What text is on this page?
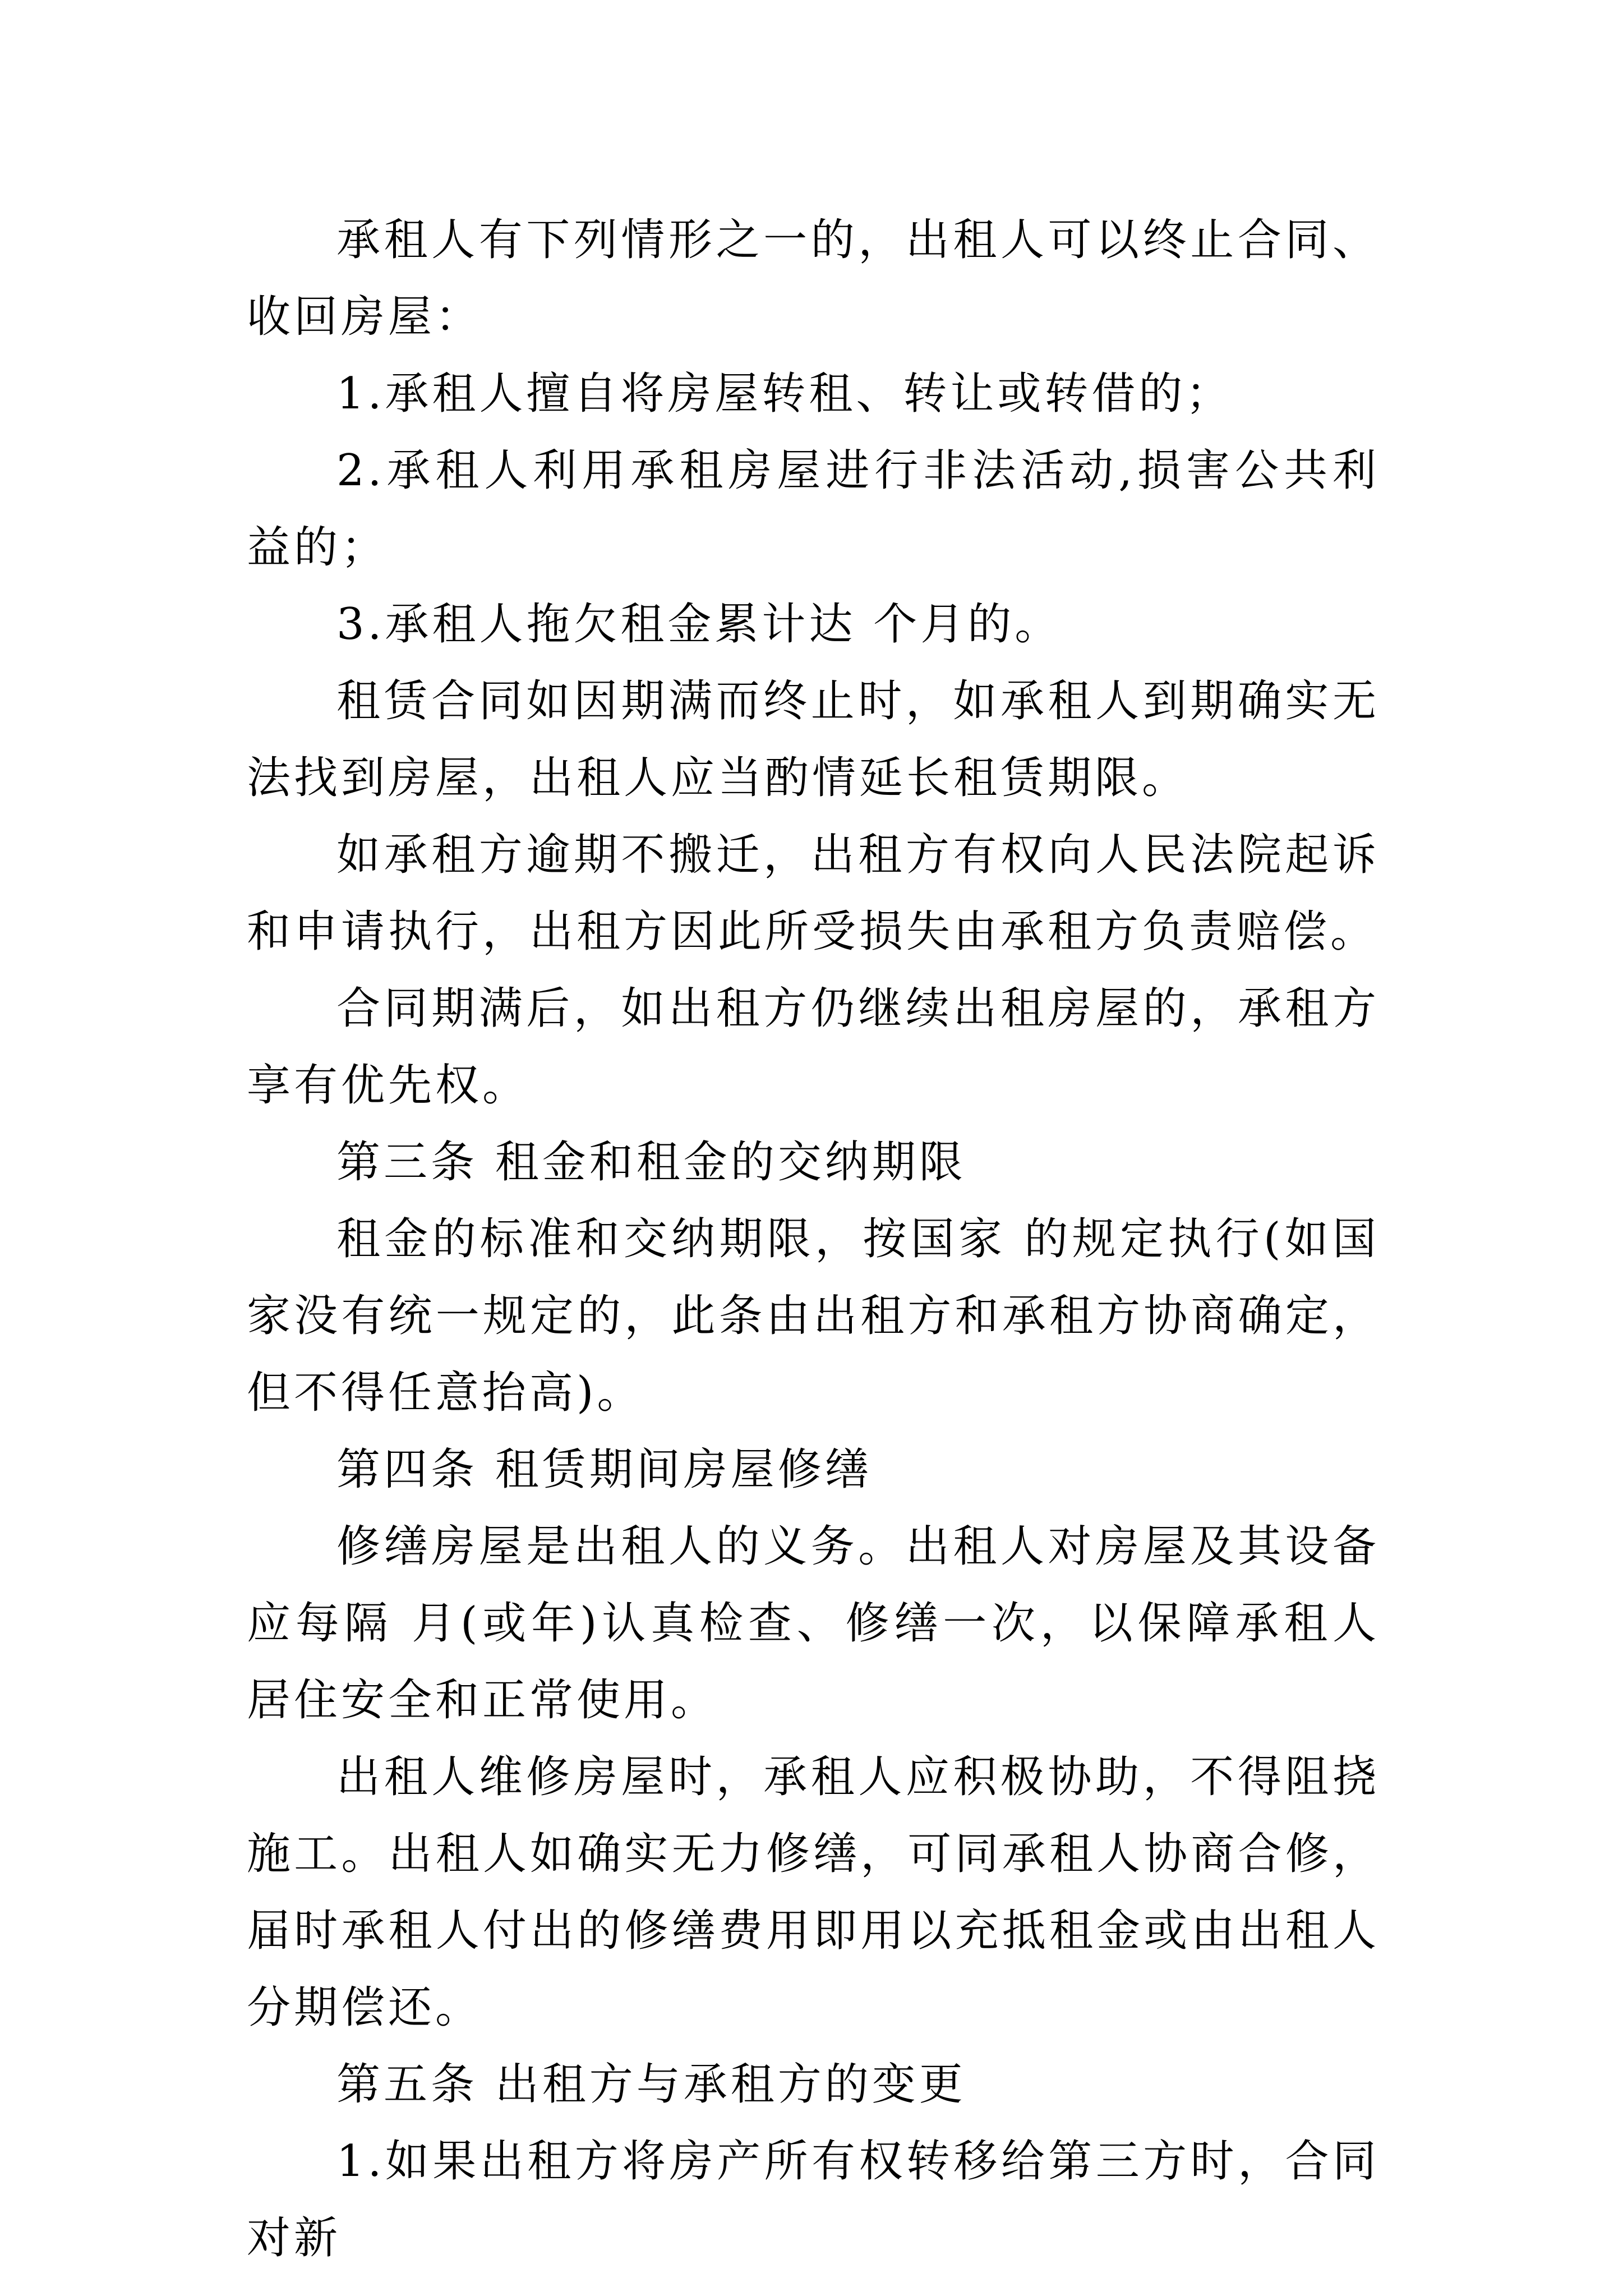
承租人有下列情形之一的，出租人可以终止合同、收回房屋：

1.承租人擅自将房屋转租、转让或转借的；

2.承租人利用承租房屋进行非法活动,损害公共利益的；

3.承租人拖欠租金累计达 个月的。

租赁合同如因期满而终止时，如承租人到期确实无法找到房屋，出租人应当酌情延长租赁期限。

如承租方逾期不搬迁，出租方有权向人民法院起诉和申请执行，出租方因此所受损失由承租方负责赔偿。

合同期满后，如出租方仍继续出租房屋的，承租方享有优先权。

第三条 租金和租金的交纳期限

租金的标准和交纳期限，按国家 的规定执行(如国家没有统一规定的，此条由出租方和承租方协商确定，但不得任意抬高)。

第四条 租赁期间房屋修缮

修缮房屋是出租人的义务。出租人对房屋及其设备应每隔 月(或年)认真检查、修缮一次，以保障承租人居住安全和正常使用。

出租人维修房屋时，承租人应积极协助，不得阻挠施工。出租人如确实无力修缮，可同承租人协商合修，届时承租人付出的修缮费用即用以充抵租金或由出租人分期偿还。

第五条 出租方与承租方的变更

1.如果出租方将房产所有权转移给第三方时，合同对新
